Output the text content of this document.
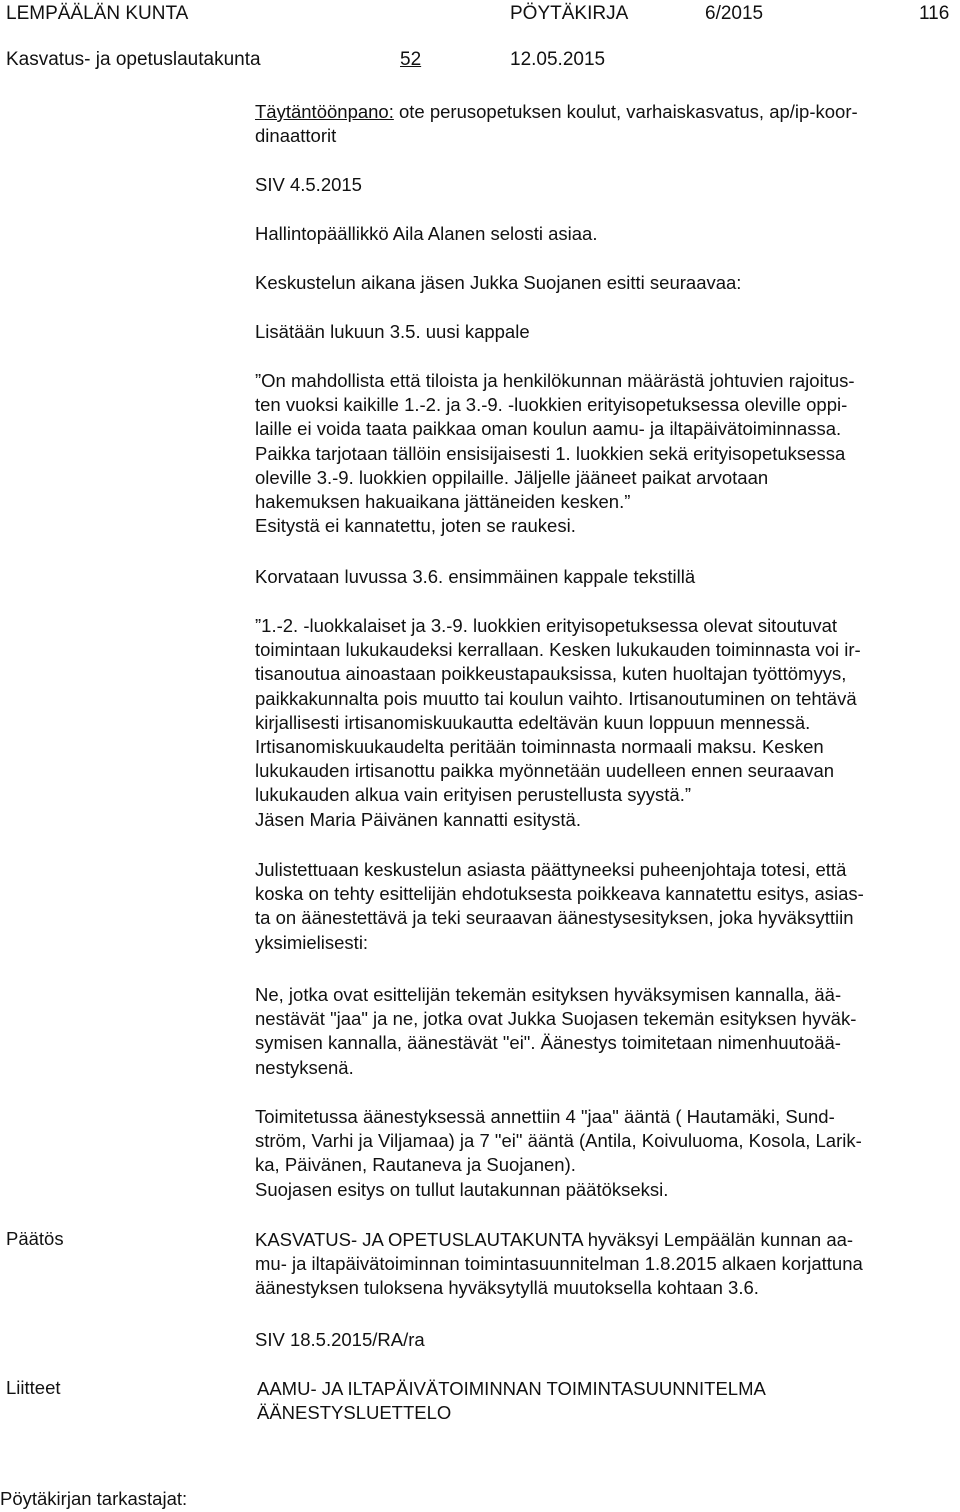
LEMPÄÄLÄN KUNTA	PÖYTÄKIRJA	6/2015	116
Kasvatus- ja opetuslautakunta	52	12.05.2015
Täytäntöönpano: ote perusopetuksen koulut, varhaiskasvatus, ap/ip-koor-
dinaattorit
SIV 4.5.2015
Hallintopäällikkö Aila Alanen selosti asiaa.
Keskustelun aikana jäsen Jukka Suojanen esitti seuraavaa:
Lisätään lukuun 3.5. uusi kappale
”On mahdollista että tiloista ja henkilökunnan määrästä johtuvien rajoitus-
ten vuoksi kaikille 1.-2. ja 3.-9. -luokkien erityisopetuksessa oleville oppi-
laille ei voida taata paikkaa oman koulun aamu- ja iltapäivätoiminnassa.
Paikka tarjotaan tällöin ensisijaisesti 1. luokkien sekä erityisopetuksessa
oleville 3.-9. luokkien oppilaille. Jäljelle jääneet paikat arvotaan
hakemuksen hakuaikana jättäneiden kesken.”
Esitystä ei kannatettu, joten se raukesi.
Korvataan luvussa 3.6. ensimmäinen kappale tekstillä
”1.-2. -luokkalaiset ja 3.-9. luokkien erityisopetuksessa olevat sitoutuvat
toimintaan lukukaudeksi kerrallaan. Kesken lukukauden toiminnasta voi ir-
tisanoutua ainoastaan poikkeustapauksissa, kuten huoltajan työttömyys,
paikkakunnalta pois muutto tai koulun vaihto. Irtisanoutuminen on tehtävä
kirjallisesti irtisanomiskuukautta edeltävän kuun loppuun mennessä.
Irtisanomiskuukaudelta peritään toiminnasta normaali maksu. Kesken
lukukauden irtisanottu paikka myönnetään uudelleen ennen seuraavan
lukukauden alkua vain erityisen perustellusta syystä.”
Jäsen Maria Päivänen kannatti esitystä.
Julistettuaan keskustelun asiasta päättyneeksi puheenjohtaja totesi, että
koska on tehty esittelijän ehdotuksesta poikkeava kannatettu esitys, asias-
ta on äänestettävä ja teki seuraavan äänestysesityksen, joka hyväksyttiin
yksimielisesti:
Ne, jotka ovat esittelijän tekemän esityksen hyväksymisen kannalla, ää-
nestävät "jaa" ja ne, jotka ovat Jukka Suojasen tekemän esityksen hyväk-
symisen kannalla, äänestävät "ei". Äänestys toimitetaan nimenhuutoää-
nestyksenä.
Toimitetussa äänestyksessä annettiin 4 "jaa" ääntä ( Hautamäki, Sund-
ström, Varhi ja Viljamaa) ja 7 "ei" ääntä (Antila, Koivuluoma, Kosola, Larik-
ka, Päivänen, Rautaneva ja Suojanen).
Suojasen esitys on tullut lautakunnan päätökseksi.
Päätös	KASVATUS- JA OPETUSLAUTAKUNTA hyväksyi Lempäälän kunnan aa-
mu- ja iltapäivätoiminnan toimintasuunnitelman 1.8.2015 alkaen korjattuna
äänestyksen tuloksena hyväksytyllä muutoksella kohtaan 3.6.
SIV 18.5.2015/RA/ra
Liitteet	AAMU- JA ILTAPÄIVÄTOIMINNAN TOIMINTASUUNNITELMA
ÄÄNESTYSLUETTELO
Pöytäkirjan tarkastajat:
